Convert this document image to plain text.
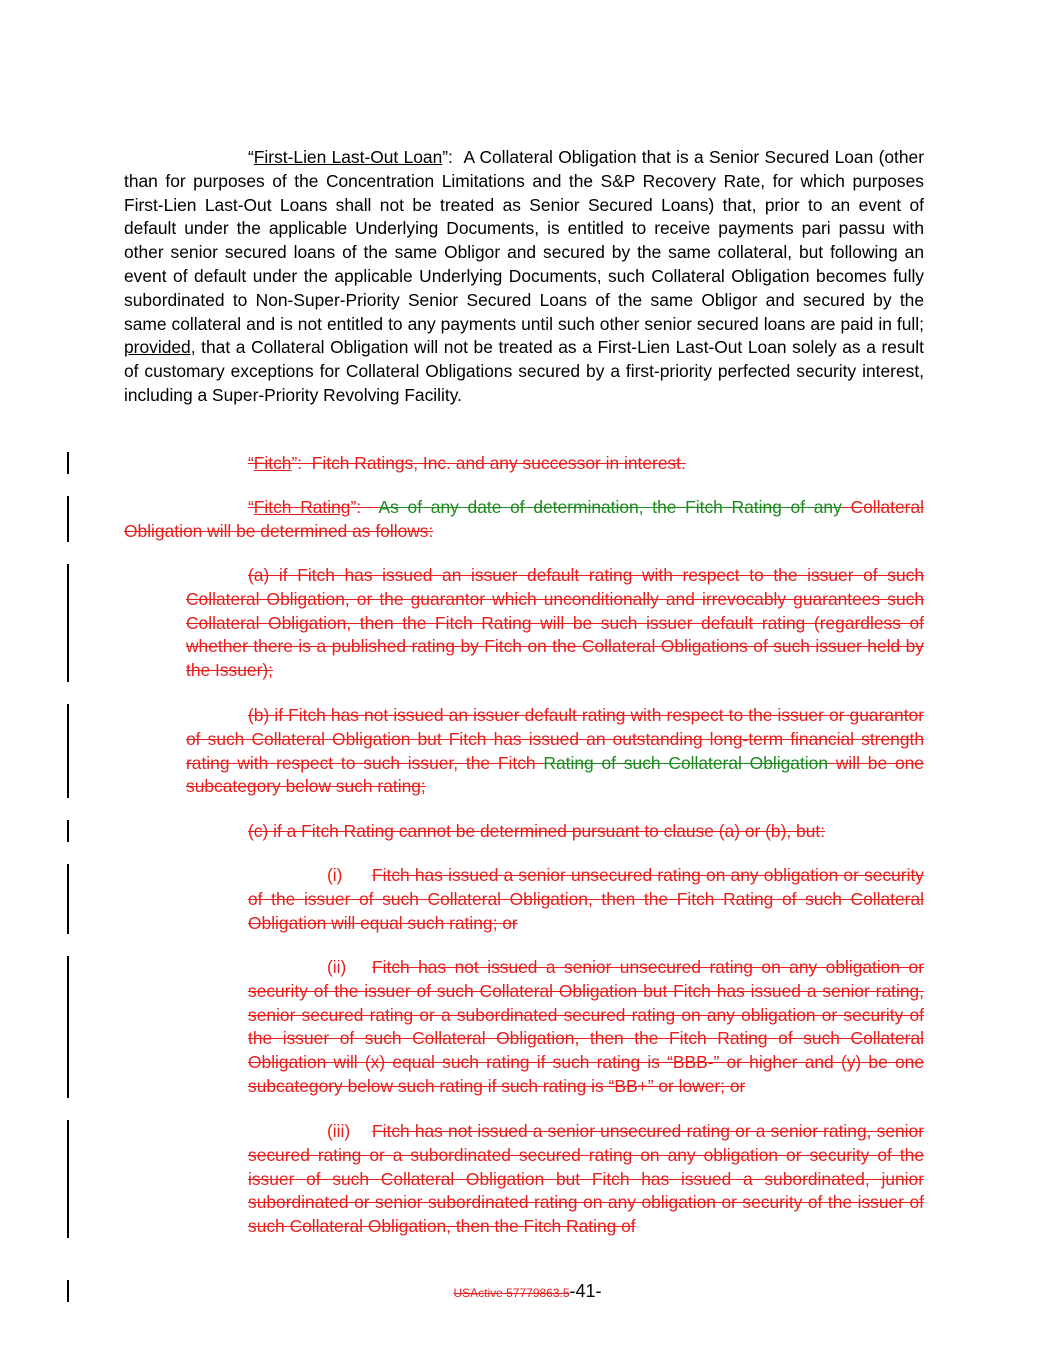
“First-Lien Last-Out Loan”: A Collateral Obligation that is a Senior Secured Loan (other than for purposes of the Concentration Limitations and the S&P Recovery Rate, for which purposes First-Lien Last-Out Loans shall not be treated as Senior Secured Loans) that, prior to an event of default under the applicable Underlying Documents, is entitled to receive payments pari passu with other senior secured loans of the same Obligor and secured by the same collateral, but following an event of default under the applicable Underlying Documents, such Collateral Obligation becomes fully subordinated to Non-Super-Priority Senior Secured Loans of the same Obligor and secured by the same collateral and is not entitled to any payments until such other senior secured loans are paid in full; provided, that a Collateral Obligation will not be treated as a First-Lien Last-Out Loan solely as a result of customary exceptions for Collateral Obligations secured by a first-priority perfected security interest, including a Super-Priority Revolving Facility.

“Fitch”: Fitch Ratings, Inc. and any successor in interest.

“Fitch Rating”: As of any date of determination, the Fitch Rating of any Collateral Obligation will be determined as follows:

(a) if Fitch has issued an issuer default rating with respect to the issuer of such Collateral Obligation, or the guarantor which unconditionally and irrevocably guarantees such Collateral Obligation, then the Fitch Rating will be such issuer default rating (regardless of whether there is a published rating by Fitch on the Collateral Obligations of such issuer held by the Issuer);

(b) if Fitch has not issued an issuer default rating with respect to the issuer or guarantor of such Collateral Obligation but Fitch has issued an outstanding long-term financial strength rating with respect to such issuer, the Fitch Rating of such Collateral Obligation will be one subcategory below such rating;

(c) if a Fitch Rating cannot be determined pursuant to clause (a) or (b), but:

(i) Fitch has issued a senior unsecured rating on any obligation or security of the issuer of such Collateral Obligation, then the Fitch Rating of such Collateral Obligation will equal such rating; or

(ii) Fitch has not issued a senior unsecured rating on any obligation or security of the issuer of such Collateral Obligation but Fitch has issued a senior rating, senior secured rating or a subordinated secured rating on any obligation or security of the issuer of such Collateral Obligation, then the Fitch Rating of such Collateral Obligation will (x) equal such rating if such rating is “BBB-” or higher and (y) be one subcategory below such rating if such rating is “BB+” or lower; or

(iii) Fitch has not issued a senior unsecured rating or a senior rating, senior secured rating or a subordinated secured rating on any obligation or security of the issuer of such Collateral Obligation but Fitch has issued a subordinated, junior subordinated or senior subordinated rating on any obligation or security of the issuer of such Collateral Obligation, then the Fitch Rating of

USActive 57779863.5-41-
